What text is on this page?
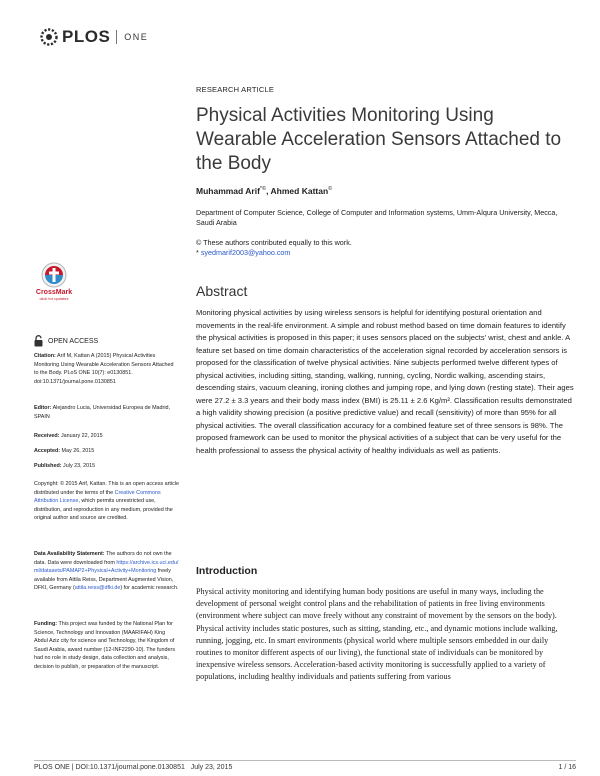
PLOS ONE
RESEARCH ARTICLE
Physical Activities Monitoring Using Wearable Acceleration Sensors Attached to the Body
Muhammad Arif*©, Ahmed Kattan©
Department of Computer Science, College of Computer and Information systems, Umm-Alqura University, Mecca, Saudi Arabia
© These authors contributed equally to this work.
* syedmarif2003@yahoo.com
CrossMark
click for updates
OPEN ACCESS
Citation: Arif M, Kattan A (2015) Physical Activities Monitoring Using Wearable Acceleration Sensors Attached to the Body. PLoS ONE 10(7): e0130851. doi:10.1371/journal.pone.0130851
Editor: Alejandro Lucia, Universidad Europea de Madrid, SPAIN
Received: January 22, 2015
Accepted: May 26, 2015
Published: July 23, 2015
Copyright: © 2015 Arif, Kattan. This is an open access article distributed under the terms of the Creative Commons Attribution License, which permits unrestricted use, distribution, and reproduction in any medium, provided the original author and source are credited.
Data Availability Statement: The authors do not own the data. Data were downloaded from https://archive.ics.uci.edu/ml/datasets/PAMAP2+Physical+Activity+Monitoring freely available from Attila Reiss, Department Augmented Vision, DFKI, Germany (attila.reiss@dfki.de) for academic research.
Funding: This project was funded by the National Plan for Science, Technology and Innovation (MAARIFAH) King Abdul Aziz city for science and Technology, the Kingdom of Saudi Arabia, award number (12-INF2290-10). The funders had no role in study design, data collection and analysis, decision to publish, or preparation of the manuscript.
Abstract

Monitoring physical activities by using wireless sensors is helpful for identifying postural orientation and movements in the real-life environment. A simple and robust method based on time domain features to identify the physical activities is proposed in this paper; it uses sensors placed on the subjects' wrist, chest and ankle. A feature set based on time domain characteristics of the acceleration signal recorded by acceleration sensors is proposed for the classification of twelve physical activities. Nine subjects performed twelve different types of physical activities, including sitting, standing, walking, running, cycling, Nordic walking, ascending stairs, descending stairs, vacuum cleaning, ironing clothes and jumping rope, and lying down (resting state). Their ages were 27.2 ± 3.3 years and their body mass index (BMI) is 25.11 ± 2.6 Kg/m². Classification results demonstrated a high validity showing precision (a positive predictive value) and recall (sensitivity) of more than 95% for all physical activities. The overall classification accuracy for a combined feature set of three sensors is 98%. The proposed framework can be used to monitor the physical activities of a subject that can be very useful for the health professional to assess the physical activity of healthy individuals as well as patients.

Introduction

Physical activity monitoring and identifying human body positions are useful in many ways, including the development of personal weight control plans and the rehabilitation of patients in free living environments (environment where subject can move freely without any constraint of movement by the sensors on the body). Physical activity includes static postures, such as sitting, standing, etc., and dynamic motions include walking, running, jogging, etc. In smart environments (physical world where multiple sensors embedded in our daily routines to monitor different aspects of our living), the functional state of individuals can be monitored by inexpensive wireless sensors. Acceleration-based activity monitoring is successfully applied to a variety of populations, including healthy individuals and patients suffering from various

PLOS ONE | DOI:10.1371/journal.pone.0130851   July 23, 2015	1 / 16
